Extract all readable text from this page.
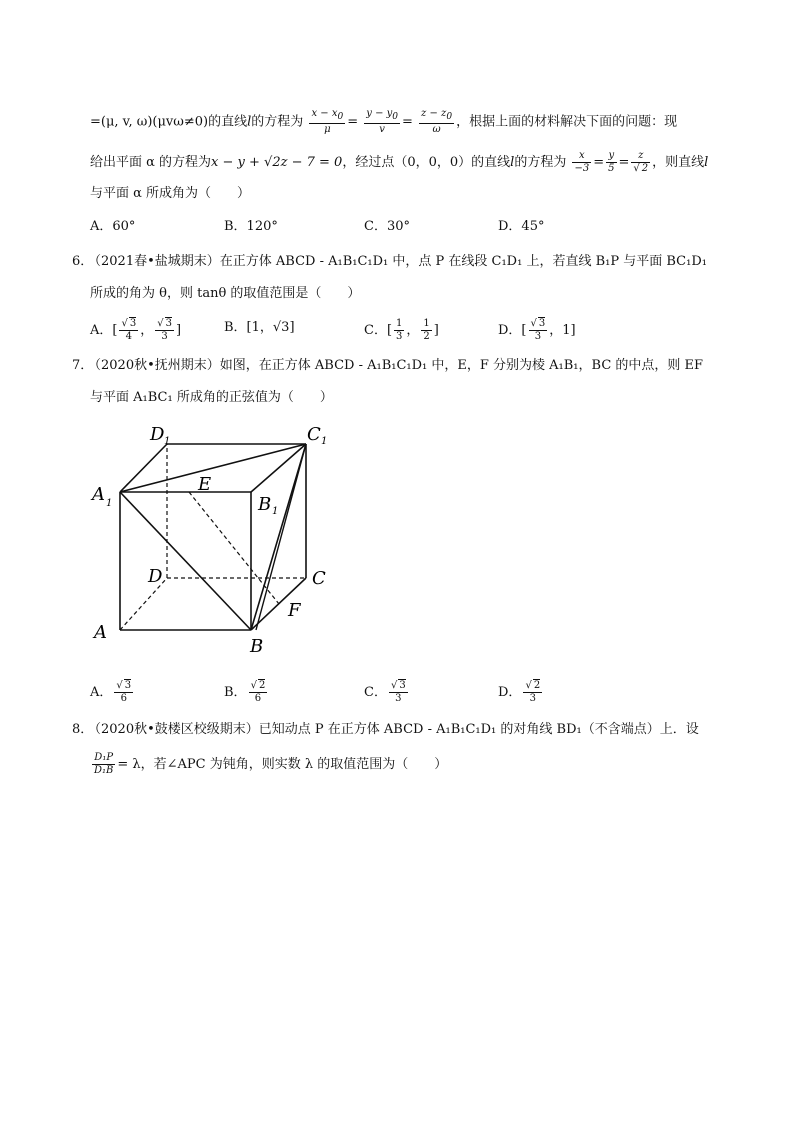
=(μ, v, ω)(μvω≠0)的直线l的方程为 $\frac{x - x_0}{\mu} = \frac{y - y_0}{v} = \frac{z - z_0}{\omega}$ ，根据上面的材料解决下面的问题：现
给出平面 α 的方程为x − y + √2z − 7 = 0，经过点（0，0，0）的直线l的方程为 $\frac{x}{-3} = \frac{y}{5} = \frac{z}{√ 2}$ ，则直线l
与平面 α 所成角为（　　）
A．60°	B．120°	C．30°	D．45°
6．
（2021春•盐城期末）在正方体 ABCD - A₁B₁C₁D₁ 中，点 P 在线段 C₁D₁ 上，若直线 B₁P 与平面 BC₁D₁
所成的角为 θ，则 tanθ 的取值范围是（　　）
A．[ $\frac{√ 3}{4}$ ， $\frac{√ 3}{3}$ ]	B．[1，√3]	C．[ $\frac{1}{3}$ ， $\frac{1}{2}$ ]	D．[ $\frac{√ 3}{3}$ ，1]
7．
（2020秋•抚州期末）如图，在正方体 ABCD - A₁B₁C₁D₁ 中，E，F 分别为棱 A₁B₁，BC 的中点，则 EF
与平面 A₁BC₁ 所成角的正弦值为（　　）
D 1	C 1
A 1	B 1
E
D	C
F
A
B
A． $\frac{√ 3}{6}$	B． $\frac{√ 2}{6}$	C． $\frac{√ 3}{3}$	D． $\frac{√ 2}{3}$
8．
（2020秋•鼓楼区校级期末）已知动点 P 在正方体 ABCD - A₁B₁C₁D₁ 的对角线 BD₁（不含端点）上．设
$\frac{\text{D₁P}}{\text{D₁B}} = \lambda$，若∠APC 为钝角，则实数 λ 的取值范围为（　　）
